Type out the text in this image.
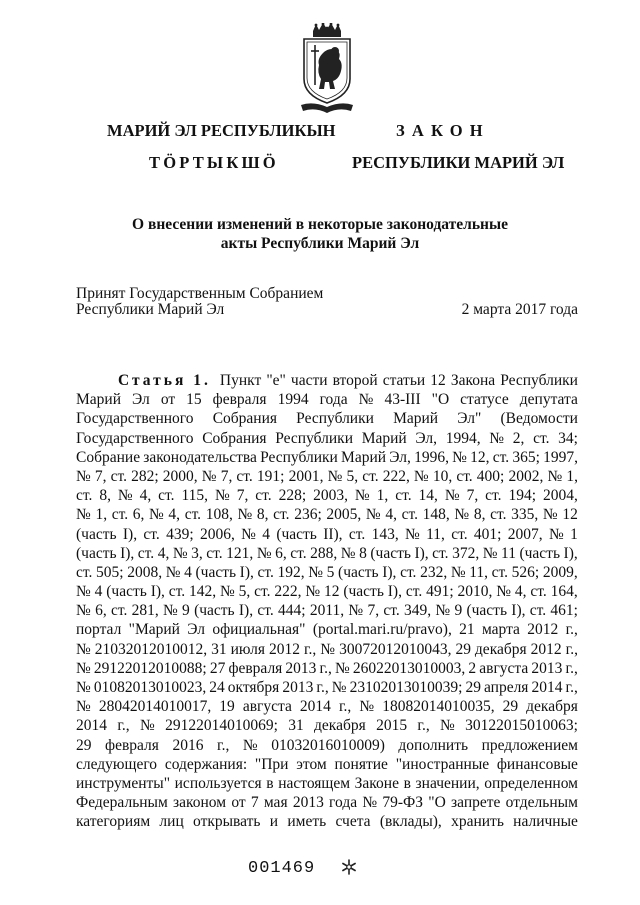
МАРИЙ ЭЛ РЕСПУБЛИКЫН
ТӦРТЫКШӦ
ЗАКОН
РЕСПУБЛИКИ МАРИЙ ЭЛ
О внесении изменений в некоторые законодательные
акты Республики Марий Эл
Принят Государственным Собранием
Республики Марий Эл	2 марта 2017 года
Статья 1. Пункт "е" части второй статьи 12 Закона Республики
Марий Эл от 15 февраля 1994 года № 43-III "О статусе депутата
Государственного Собрания Республики Марий Эл" (Ведомости
Государственного Собрания Республики Марий Эл, 1994, № 2, ст. 34;
Собрание законодательства Республики Марий Эл, 1996, № 12, ст. 365; 1997,
№ 7, ст. 282; 2000, № 7, ст. 191; 2001, № 5, ст. 222, № 10, ст. 400; 2002, № 1,
ст. 8, № 4, ст. 115, № 7, ст. 228; 2003, № 1, ст. 14, № 7, ст. 194; 2004,
№ 1, ст. 6, № 4, ст. 108, № 8, ст. 236; 2005, № 4, ст. 148, № 8, ст. 335, № 12
(часть I), ст. 439; 2006, № 4 (часть II), ст. 143, № 11, ст. 401; 2007, № 1
(часть I), ст. 4, № 3, ст. 121, № 6, ст. 288, № 8 (часть I), ст. 372, № 11 (часть I),
ст. 505; 2008, № 4 (часть I), ст. 192, № 5 (часть I), ст. 232, № 11, ст. 526; 2009,
№ 4 (часть I), ст. 142, № 5, ст. 222, № 12 (часть I), ст. 491; 2010, № 4, ст. 164,
№ 6, ст. 281, № 9 (часть I), ст. 444; 2011, № 7, ст. 349, № 9 (часть I), ст. 461;
портал "Марий Эл официальная" (portal.mari.ru/pravo), 21 марта 2012 г.,
№ 21032012010012, 31 июля 2012 г., № 30072012010043, 29 декабря 2012 г.,
№ 29122012010088; 27 февраля 2013 г., № 26022013010003, 2 августа 2013 г.,
№ 01082013010023, 24 октября 2013 г., № 23102013010039; 29 апреля 2014 г.,
№ 28042014010017, 19 августа 2014 г., № 18082014010035, 29 декабря
2014 г., № 29122014010069; 31 декабря 2015 г., № 30122015010063;
29 февраля 2016 г., № 01032016010009) дополнить предложением
следующего содержания: "При этом понятие "иностранные финансовые
инструменты" используется в настоящем Законе в значении, определенном
Федеральным законом от 7 мая 2013 года № 79-ФЗ "О запрете отдельным
категориям лиц открывать и иметь счета (вклады), хранить наличные
001469
